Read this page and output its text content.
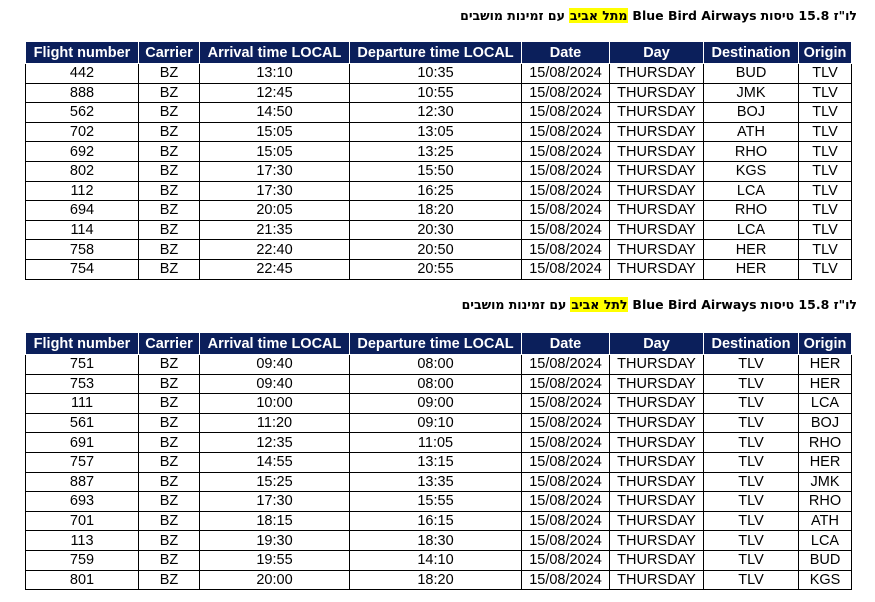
לו"ז 15.8 טיסותBlue Bird Airwaysמתל אביבעם זמינות מושבים
Flight number	Carrier	Arrival time LOCAL	Departure time LOCAL	Date	Day	Destination	Origin
442	BZ	13:10	10:35	15/08/2024	THURSDAY	BUD	TLV
888	BZ	12:45	10:55	15/08/2024	THURSDAY	JMK	TLV
562	BZ	14:50	12:30	15/08/2024	THURSDAY	BOJ	TLV
702	BZ	15:05	13:05	15/08/2024	THURSDAY	ATH	TLV
692	BZ	15:05	13:25	15/08/2024	THURSDAY	RHO	TLV
802	BZ	17:30	15:50	15/08/2024	THURSDAY	KGS	TLV
112	BZ	17:30	16:25	15/08/2024	THURSDAY	LCA	TLV
694	BZ	20:05	18:20	15/08/2024	THURSDAY	RHO	TLV
114	BZ	21:35	20:30	15/08/2024	THURSDAY	LCA	TLV
758	BZ	22:40	20:50	15/08/2024	THURSDAY	HER	TLV
754	BZ	22:45	20:55	15/08/2024	THURSDAY	HER	TLV
לו"ז 15.8 טיסותBlue Bird Airwaysלתל אביבעם זמינות מושבים
Flight number	Carrier	Arrival time LOCAL	Departure time LOCAL	Date	Day	Destination	Origin
751	BZ	09:40	08:00	15/08/2024	THURSDAY	TLV	HER
753	BZ	09:40	08:00	15/08/2024	THURSDAY	TLV	HER
111	BZ	10:00	09:00	15/08/2024	THURSDAY	TLV	LCA
561	BZ	11:20	09:10	15/08/2024	THURSDAY	TLV	BOJ
691	BZ	12:35	11:05	15/08/2024	THURSDAY	TLV	RHO
757	BZ	14:55	13:15	15/08/2024	THURSDAY	TLV	HER
887	BZ	15:25	13:35	15/08/2024	THURSDAY	TLV	JMK
693	BZ	17:30	15:55	15/08/2024	THURSDAY	TLV	RHO
701	BZ	18:15	16:15	15/08/2024	THURSDAY	TLV	ATH
113	BZ	19:30	18:30	15/08/2024	THURSDAY	TLV	LCA
759	BZ	19:55	14:10	15/08/2024	THURSDAY	TLV	BUD
801	BZ	20:00	18:20	15/08/2024	THURSDAY	TLV	KGS
